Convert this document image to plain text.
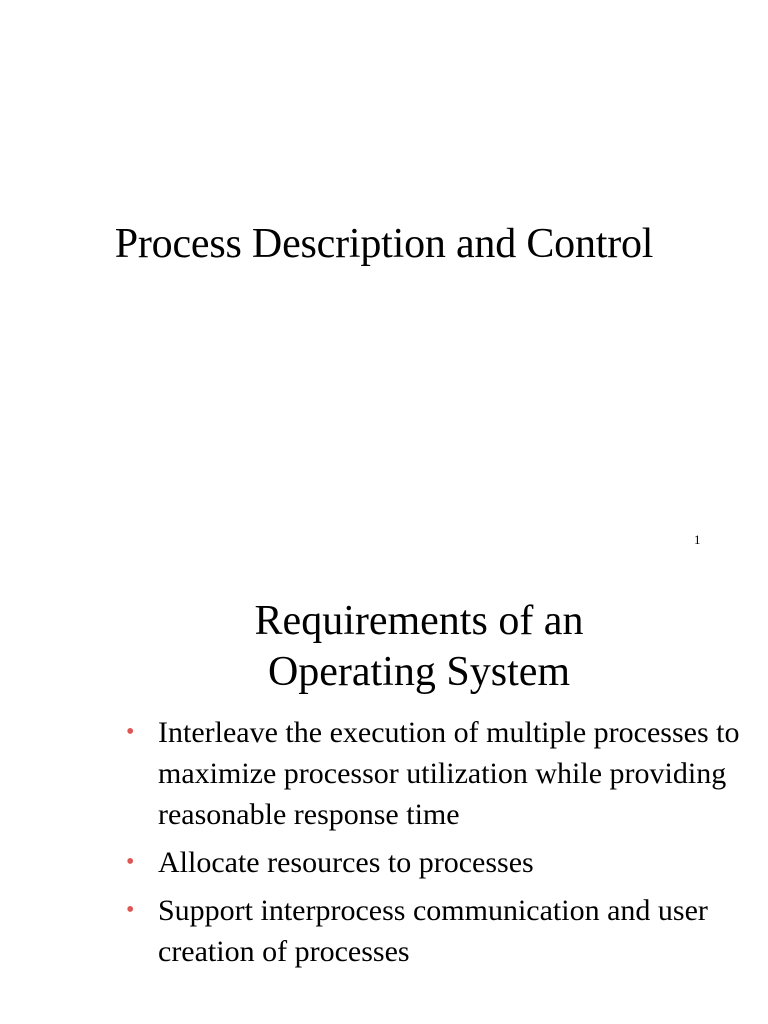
Process Description and Control
1
Requirements of an
Operating System
• Interleave the execution of multiple processes to maximize processor utilization while providing reasonable response time
• Allocate resources to processes
• Support interprocess communication and user creation of processes
